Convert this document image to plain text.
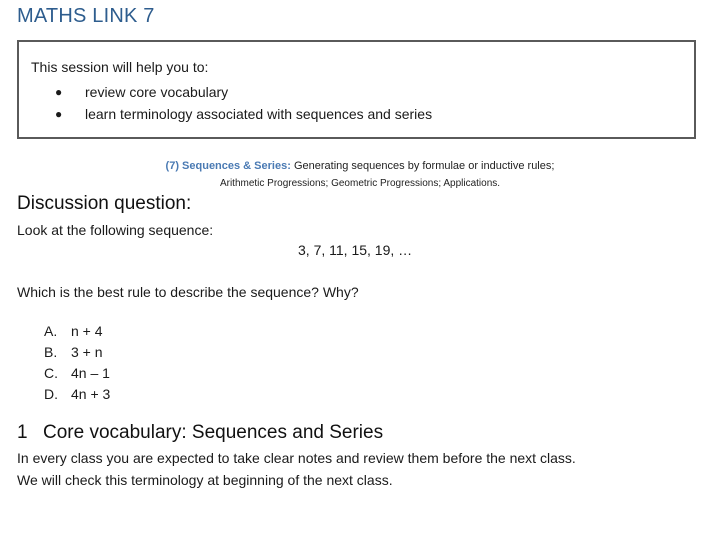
MATHS LINK 7
This session will help you to:
● review core vocabulary
● learn terminology associated with sequences and series
(7) Sequences & Series: Generating sequences by formulae or inductive rules;
Arithmetic Progressions; Geometric Progressions; Applications.
Discussion question:
Look at the following sequence:
3, 7, 11, 15, 19, …
Which is the best rule to describe the sequence? Why?
A. n + 4
B. 3 + n
C. 4n – 1
D. 4n + 3
1 Core vocabulary: Sequences and Series
In every class you are expected to take clear notes and review them before the next class.
We will check this terminology at beginning of the next class.
